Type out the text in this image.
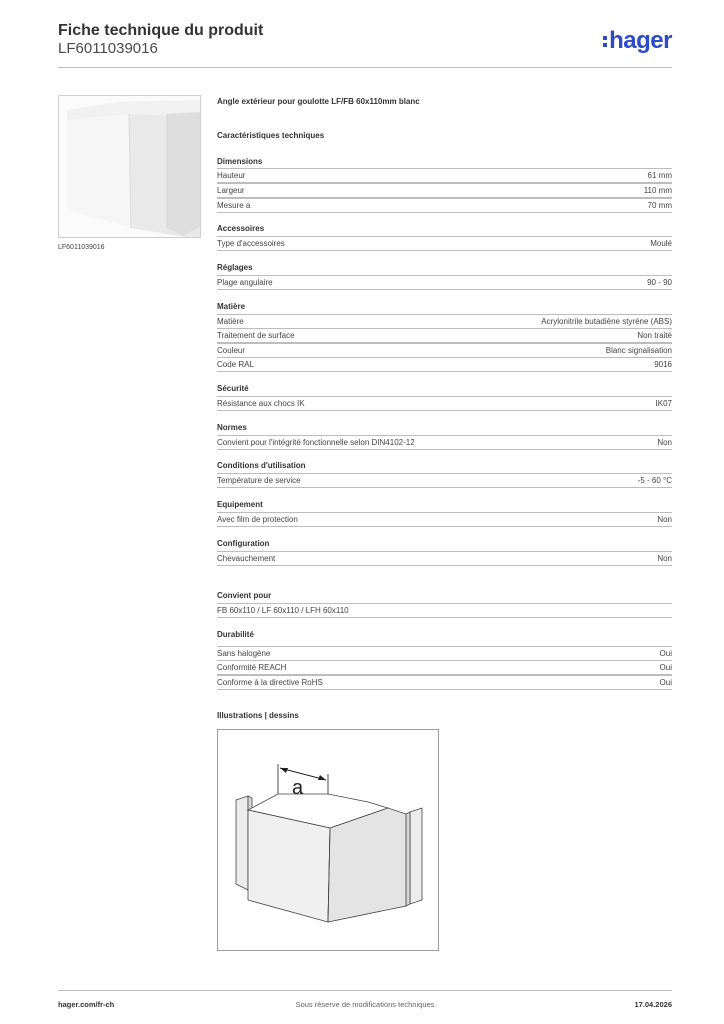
Fiche technique du produit
LF6011039016	hager
LF6011039016
Angle extérieur pour goulotte LF/FB 60x110mm blanc
Caractéristiques techniques
Dimensions
Hauteur	61 mm
Largeur	110 mm
Mesure a	70 mm
Accessoires
Type d'accessoires	Moulé
Réglages
Plage angulaire	90 - 90
Matière
Matière	Acrylonitrile butadiène styrène (ABS)
Traitement de surface	Non traité
Couleur	Blanc signalisation
Code RAL	9016
Sécurité
Résistance aux chocs IK	IK07
Normes
Convient pour l'intégrité fonctionnelle selon DIN4102-12	Non
Conditions d'utilisation
Température de service	-5 - 60 °C
Equipement
Avec film de protection	Non
Configuration
Chevauchement	Non
Convient pour
FB 60x110 / LF 60x110 / LFH 60x110
Durabilité
Sans halogène	Oui
Conformité REACH	Oui
Conforme à la directive RoHS	Oui
Illustrations | dessins
a
hager.com/fr-ch	Sous réserve de modifications techniques	17.04.2026
